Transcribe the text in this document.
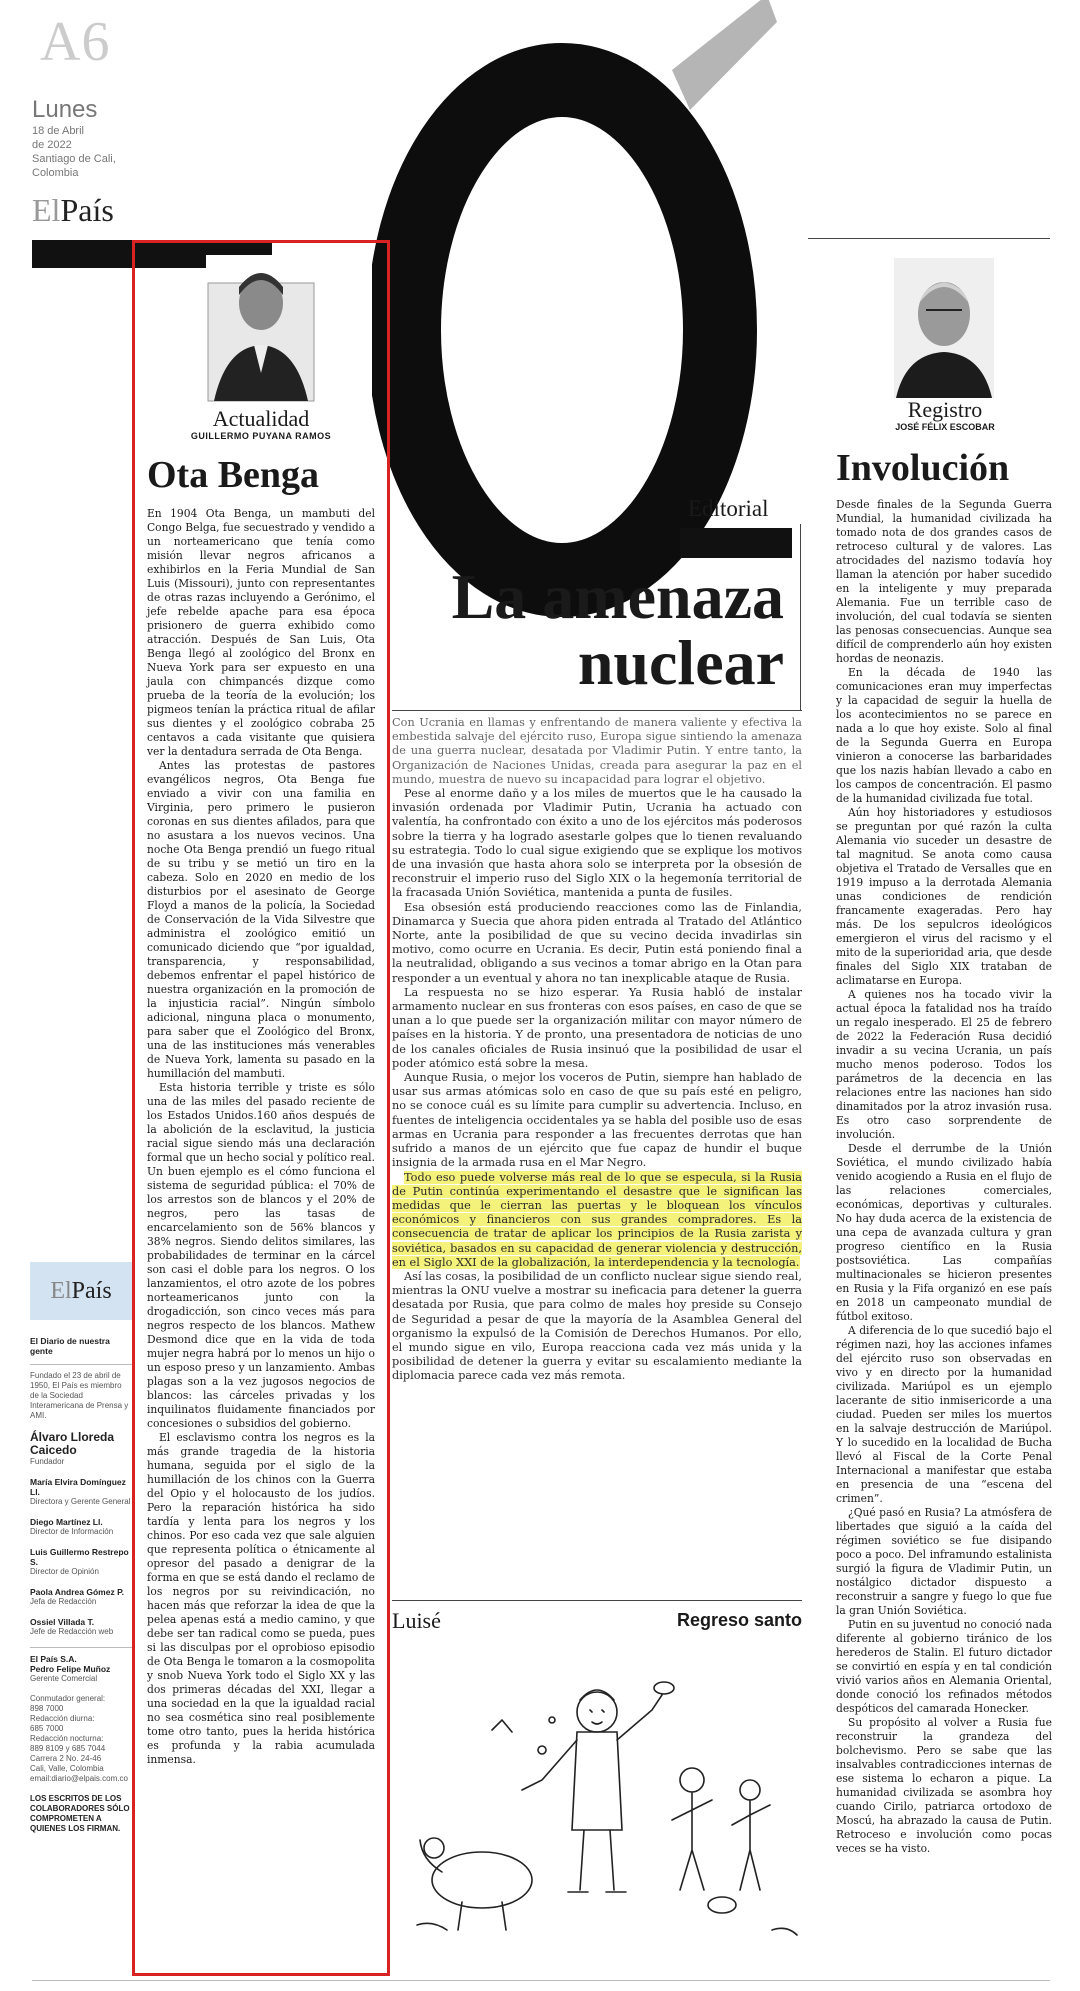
A6
Lunes
18 de Abril
de 2022
Santiago de Cali,
Colombia
ElPaís
Actualidad
GUILLERMO PUYANA RAMOS
Ota Benga

En 1904 Ota Benga, un mambuti del Congo Belga, fue secuestrado y vendido a un norteamericano que tenía como misión llevar negros africanos a exhibirlos en la Feria Mundial de San Luis (Missouri), junto con representantes de otras razas incluyendo a Gerónimo, el jefe rebelde apache para esa época prisionero de guerra exhibido como atracción. Después de San Luis, Ota Benga llegó al zoológico del Bronx en Nueva York para ser expuesto en una jaula con chimpancés dizque como prueba de la teoría de la evolución; los pigmeos tenían la práctica ritual de afilar sus dientes y el zoológico cobraba 25 centavos a cada visitante que quisiera ver la dentadura serrada de Ota Benga.

Antes las protestas de pastores evangélicos negros, Ota Benga fue enviado a vivir con una familia en Virginia, pero primero le pusieron coronas en sus dientes afilados, para que no asustara a los nuevos vecinos. Una noche Ota Benga prendió un fuego ritual de su tribu y se metió un tiro en la cabeza. Solo en 2020 en medio de los disturbios por el asesinato de George Floyd a manos de la policía, la Sociedad de Conservación de la Vida Silvestre que administra el zoológico emitió un comunicado diciendo que “por igualdad, transparencia, y responsabilidad, debemos enfrentar el papel histórico de nuestra organización en la promoción de la injusticia racial”. Ningún símbolo adicional, ninguna placa o monumento, para saber que el Zoológico del Bronx, una de las instituciones más venerables de Nueva York, lamenta su pasado en la humillación del mambuti.

Esta historia terrible y triste es sólo una de las miles del pasado reciente de los Estados Unidos.160 años después de la abolición de la esclavitud, la justicia racial sigue siendo más una declaración formal que un hecho social y político real. Un buen ejemplo es el cómo funciona el sistema de seguridad pública: el 70% de los arrestos son de blancos y el 20% de negros, pero las tasas de encarcelamiento son de 56% blancos y 38% negros. Siendo delitos similares, las probabilidades de terminar en la cárcel son casi el doble para los negros. O los lanzamientos, el otro azote de los pobres norteamericanos junto con la drogadicción, son cinco veces más para negros respecto de los blancos. Mathew Desmond dice que en la vida de toda mujer negra habrá por lo menos un hijo o un esposo preso y un lanzamiento. Ambas plagas son a la vez jugosos negocios de blancos: las cárceles privadas y los inquilinatos fluidamente financiados por concesiones o subsidios del gobierno.

El esclavismo contra los negros es la más grande tragedia de la historia humana, seguida por el siglo de la humillación de los chinos con la Guerra del Opio y el holocausto de los judíos. Pero la reparación histórica ha sido tardía y lenta para los negros y los chinos. Por eso cada vez que sale alguien que representa política o étnicamente al opresor del pasado a denigrar de la forma en que se está dando el reclamo de los negros por su reivindicación, no hacen más que reforzar la idea de que la pelea apenas está a medio camino, y que debe ser tan radical como se pueda, pues si las disculpas por el oprobioso episodio de Ota Benga le tomaron a la cosmopolita y snob Nueva York todo el Siglo XX y las dos primeras décadas del XXI, llegar a una sociedad en la que la igualdad racial no sea cosmética sino real posiblemente tome otro tanto, pues la herida histórica es profunda y la rabia acumulada inmensa.

Editorial
La amenaza
nuclear

Con Ucrania en llamas y enfrentando de manera valiente y efectiva la embestida salvaje del ejército ruso, Europa sigue sintiendo la amenaza de una guerra nuclear, desatada por Vladimir Putin. Y entre tanto, la Organización de Naciones Unidas, creada para asegurar la paz en el mundo, muestra de nuevo su incapacidad para lograr el objetivo.

Pese al enorme daño y a los miles de muertos que le ha causado la invasión ordenada por Vladimir Putin, Ucrania ha actuado con valentía, ha confrontado con éxito a uno de los ejércitos más poderosos sobre la tierra y ha logrado asestarle golpes que lo tienen revaluando su estrategia. Todo lo cual sigue exigiendo que se explique los motivos de una invasión que hasta ahora solo se interpreta por la obsesión de reconstruir el imperio ruso del Siglo XIX o la hegemonía territorial de la fracasada Unión Soviética, mantenida a punta de fusiles.

Esa obsesión está produciendo reacciones como las de Finlandia, Dinamarca y Suecia que ahora piden entrada al Tratado del Atlántico Norte, ante la posibilidad de que su vecino decida invadirlas sin motivo, como ocurre en Ucrania. Es decir, Putin está poniendo final a la neutralidad, obligando a sus vecinos a tomar abrigo en la Otan para responder a un eventual y ahora no tan inexplicable ataque de Rusia.

La respuesta no se hizo esperar. Ya Rusia habló de instalar armamento nuclear en sus fronteras con esos países, en caso de que se unan a lo que puede ser la organización militar con mayor número de países en la historia. Y de pronto, una presentadora de noticias de uno de los canales oficiales de Rusia insinuó que la posibilidad de usar el poder atómico está sobre la mesa.

Aunque Rusia, o mejor los voceros de Putin, siempre han hablado de usar sus armas atómicas solo en caso de que su país esté en peligro, no se conoce cuál es su límite para cumplir su advertencia. Incluso, en fuentes de inteligencia occidentales ya se habla del posible uso de esas armas en Ucrania para responder a las frecuentes derrotas que han sufrido a manos de un ejército que fue capaz de hundir el buque insignia de la armada rusa en el Mar Negro.

Todo eso puede volverse más real de lo que se especula, si la Rusia de Putin continúa experimentando el desastre que le significan las medidas que le cierran las puertas y le bloquean los vínculos económicos y financieros con sus grandes compradores. Es la consecuencia de tratar de aplicar los principios de la Rusia zarista y soviética, basados en su capacidad de generar violencia y destrucción, en el Siglo XXI de la globalización, la interdependencia y la tecnología.

Así las cosas, la posibilidad de un conflicto nuclear sigue siendo real, mientras la ONU vuelve a mostrar su ineficacia para detener la guerra desatada por Rusia, que para colmo de males hoy preside su Consejo de Seguridad a pesar de que la mayoría de la Asamblea General del organismo la expulsó de la Comisión de Derechos Humanos. Por ello, el mundo sigue en vilo, Europa reacciona cada vez más unida y la posibilidad de detener la guerra y evitar su escalamiento mediante la diplomacia parece cada vez más remota.

Luisé	Regreso santo
Registro
JOSÉ FÉLIX ESCOBAR
Involución

Desde finales de la Segunda Guerra Mundial, la humanidad civilizada ha tomado nota de dos grandes casos de retroceso cultural y de valores. Las atrocidades del nazismo todavía hoy llaman la atención por haber sucedido en la inteligente y muy preparada Alemania. Fue un terrible caso de involución, del cual todavía se sienten las penosas consecuencias. Aunque sea difícil de comprenderlo aún hoy existen hordas de neonazis.

En la década de 1940 las comunicaciones eran muy imperfectas y la capacidad de seguir la huella de los acontecimientos no se parece en nada a lo que hoy existe. Solo al final de la Segunda Guerra en Europa vinieron a conocerse las barbaridades que los nazis habían llevado a cabo en los campos de concentración. El pasmo de la humanidad civilizada fue total.

Aún hoy historiadores y estudiosos se preguntan por qué razón la culta Alemania vio suceder un desastre de tal magnitud. Se anota como causa objetiva el Tratado de Versalles que en 1919 impuso a la derrotada Alemania unas condiciones de rendición francamente exageradas. Pero hay más. De los sepulcros ideológicos emergieron el virus del racismo y el mito de la superioridad aria, que desde finales del Siglo XIX trataban de aclimatarse en Europa.

A quienes nos ha tocado vivir la actual época la fatalidad nos ha traído un regalo inesperado. El 25 de febrero de 2022 la Federación Rusa decidió invadir a su vecina Ucrania, un país mucho menos poderoso. Todos los parámetros de la decencia en las relaciones entre las naciones han sido dinamitados por la atroz invasión rusa. Es otro caso sorprendente de involución.

Desde el derrumbe de la Unión Soviética, el mundo civilizado había venido acogiendo a Rusia en el flujo de las relaciones comerciales, económicas, deportivas y culturales. No hay duda acerca de la existencia de una cepa de avanzada cultura y gran progreso científico en la Rusia postsoviética. Las compañías multinacionales se hicieron presentes en Rusia y la Fifa organizó en ese país en 2018 un campeonato mundial de fútbol exitoso.

A diferencia de lo que sucedió bajo el régimen nazi, hoy las acciones infames del ejército ruso son observadas en vivo y en directo por la humanidad civilizada. Mariúpol es un ejemplo lacerante de sitio inmisericorde a una ciudad. Pueden ser miles los muertos en la salvaje destrucción de Mariúpol. Y lo sucedido en la localidad de Bucha llevó al Fiscal de la Corte Penal Internacional a manifestar que estaba en presencia de una “escena del crimen”.

¿Qué pasó en Rusia? La atmósfera de libertades que siguió a la caída del régimen soviético se fue disipando poco a poco. Del inframundo estalinista surgió la figura de Vladimir Putin, un nostálgico dictador dispuesto a reconstruir a sangre y fuego lo que fue la gran Unión Soviética.

Putin en su juventud no conoció nada diferente al gobierno tiránico de los herederos de Stalin. El futuro dictador se convirtió en espía y en tal condición vivió varios años en Alemania Oriental, donde conoció los refinados métodos despóticos del camarada Honecker.

Su propósito al volver a Rusia fue reconstruir la grandeza del bolchevismo. Pero se sabe que las insalvables contradicciones internas de ese sistema lo echaron a pique. La humanidad civilizada se asombra hoy cuando Cirilo, patriarca ortodoxo de Moscú, ha abrazado la causa de Putin. Retroceso e involución como pocas veces se ha visto.

El País
El Diario de nuestra gente
Fundado el 23 de abril de 1950, El País es miembro de la Sociedad Interamericana de Prensa y AMI.
Álvaro Lloreda Caicedo
Fundador
María Elvira Domínguez Ll.
Directora y Gerente General
Diego Martínez Ll.
Director de Información
Luis Guillermo Restrepo S.
Director de Opinión
Paola Andrea Gómez P.
Jefa de Redacción
Ossiel Villada T.
Jefe de Redacción web
El País S.A.
Pedro Felipe Muñoz
Gerente Comercial
Conmutador general:
898 7000
Redacción diurna:
685 7000
Redacción nocturna:
889 8109 y 685 7044
Carrera 2 No. 24-46
Cali, Valle, Colombia
email:diario@elpais.com.co
LOS ESCRITOS DE LOS COLABORADORES SÓLO COMPROMETEN A QUIENES LOS FIRMAN.
